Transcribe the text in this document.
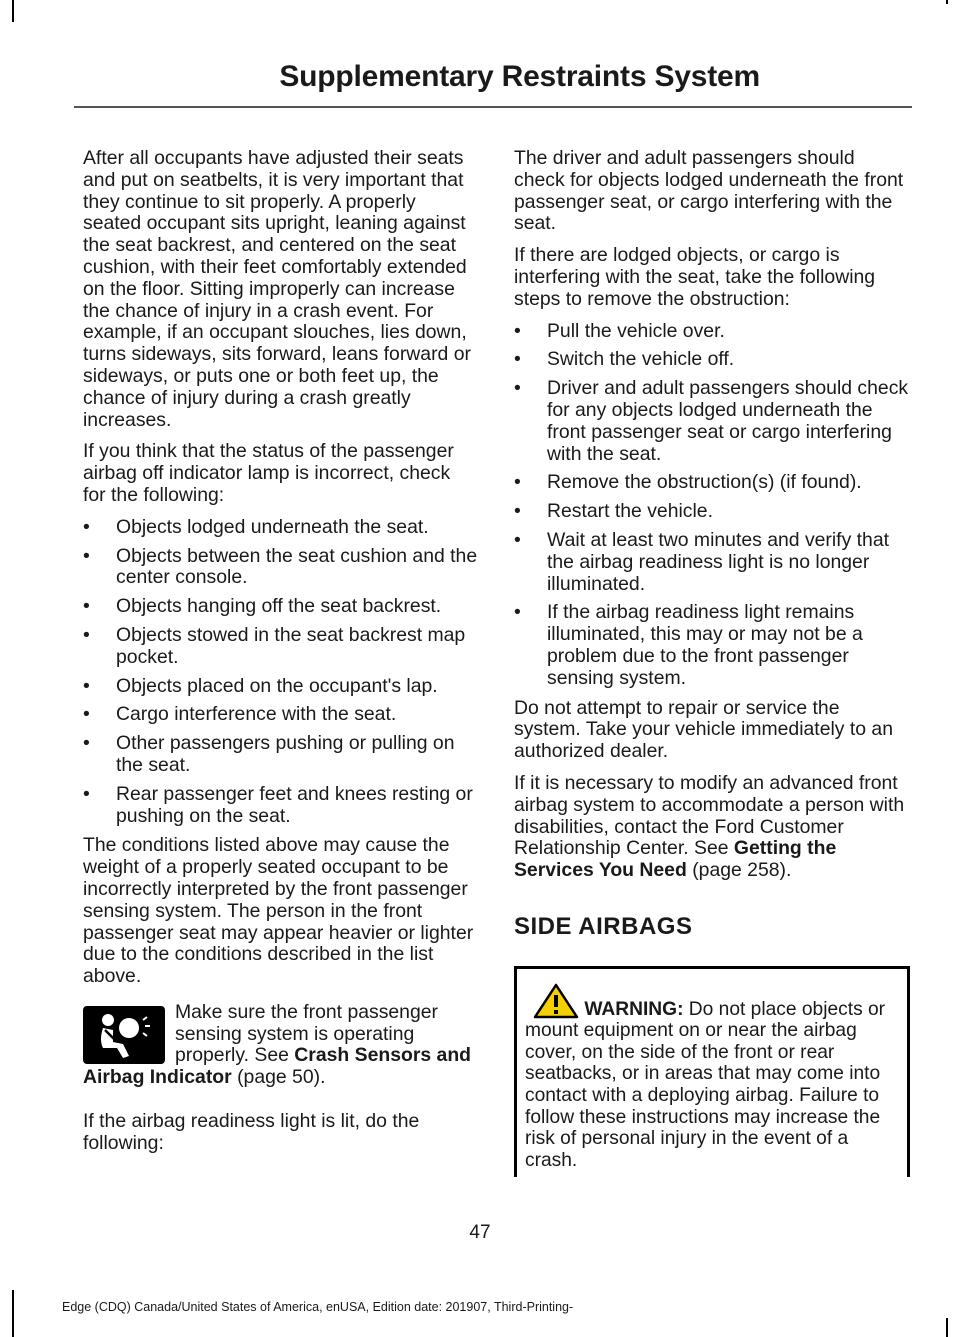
Supplementary Restraints System

After all occupants have adjusted their seats and put on seatbelts, it is very important that they continue to sit properly. A properly seated occupant sits upright, leaning against the seat backrest, and centered on the seat cushion, with their feet comfortably extended on the floor. Sitting improperly can increase the chance of injury in a crash event. For example, if an occupant slouches, lies down, turns sideways, sits forward, leans forward or sideways, or puts one or both feet up, the chance of injury during a crash greatly increases.

If you think that the status of the passenger airbag off indicator lamp is incorrect, check for the following:

• Objects lodged underneath the seat.
• Objects between the seat cushion and the center console.
• Objects hanging off the seat backrest.
• Objects stowed in the seat backrest map pocket.
• Objects placed on the occupant's lap.
• Cargo interference with the seat.
• Other passengers pushing or pulling on the seat.
• Rear passenger feet and knees resting or pushing on the seat.

The conditions listed above may cause the weight of a properly seated occupant to be incorrectly interpreted by the front passenger sensing system. The person in the front passenger seat may appear heavier or lighter due to the conditions described in the list above.

Make sure the front passenger sensing system is operating properly. See Crash Sensors and Airbag Indicator (page 50).

If the airbag readiness light is lit, do the following:

The driver and adult passengers should check for objects lodged underneath the front passenger seat, or cargo interfering with the seat.

If there are lodged objects, or cargo is interfering with the seat, take the following steps to remove the obstruction:

• Pull the vehicle over.
• Switch the vehicle off.
• Driver and adult passengers should check for any objects lodged underneath the front passenger seat or cargo interfering with the seat.
• Remove the obstruction(s) (if found).
• Restart the vehicle.
• Wait at least two minutes and verify that the airbag readiness light is no longer illuminated.
• If the airbag readiness light remains illuminated, this may or may not be a problem due to the front passenger sensing system.

Do not attempt to repair or service the system. Take your vehicle immediately to an authorized dealer.

If it is necessary to modify an advanced front airbag system to accommodate a person with disabilities, contact the Ford Customer Relationship Center. See Getting the Services You Need (page 258).

SIDE AIRBAGS
WARNING: Do not place objects or mount equipment on or near the airbag cover, on the side of the front or rear seatbacks, or in areas that may come into contact with a deploying airbag. Failure to follow these instructions may increase the risk of personal injury in the event of a crash.
47
Edge (CDQ) Canada/United States of America, enUSA, Edition date: 201907, Third-Printing-
